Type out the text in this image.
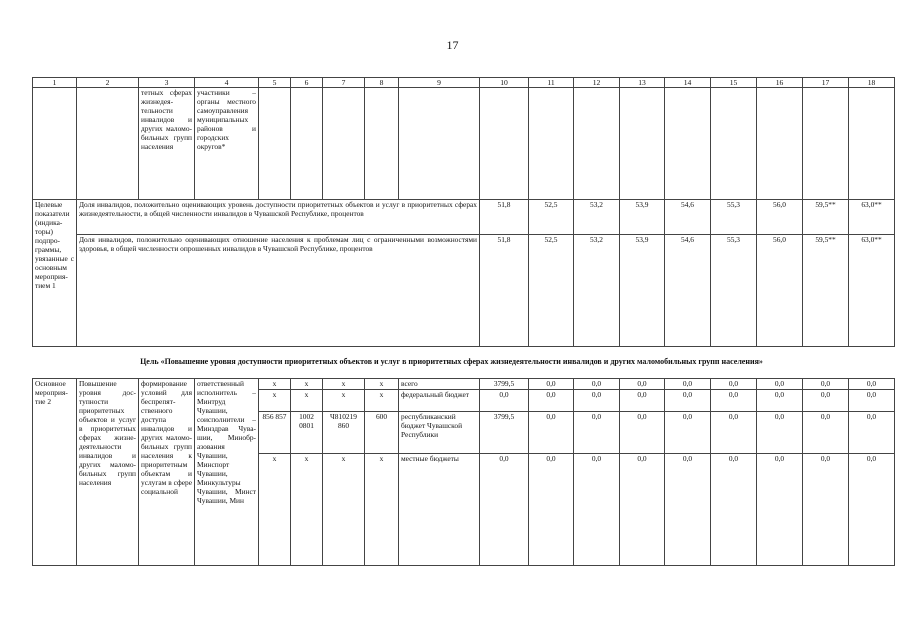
17
1	2	3	4	5	6	7	8	9	10	11	12	13	14	15	16	17	18
		тетных сферах жизнедеятельности инвалидов и других маломобильных групп населения	участники – органы местного самоуправления муниципальных районов и городских округов*														
Целевые показатели (индикаторы) подпрограммы, увязанные с основным мероприятием 1	Доля инвалидов, положительно оценивающих уровень доступности приоритетных объектов и услуг в приоритетных сферах жизнедеятельности, в общей численности инвалидов в Чувашской Республике, процентов								51,8	52,5	53,2	53,9	54,6	55,3	56,0	59,5**	63,0**
	Доля инвалидов, положительно оценивающих отношение населения к проблемам лиц с ограниченными возможностями здоровья, в общей численности опрошенных инвалидов в Чувашской Республике, процентов								51,8	52,5	53,2	53,9	54,6	55,3	56,0	59,5**	63,0**
Цель «Повышение уровня доступности приоритетных объектов и услуг в приоритетных сферах жизнедеятельности инвалидов и других маломобильных групп населения»
Основное мероприятие 2	Повышение уровня доступности приоритетных объектов и услуг в приоритетных сферах жизнедеятельности инвалидов и других маломобильных групп населения	формирование условий для беспрепятственного доступа инвалидов и других маломобильных групп населения к приоритетным объектам и услугам в сфере социальной	ответственный исполнитель – Минтруд Чувашии, соисполнители – Минздрав Чувашии, Минобразования Чувашии, Минспорт Чувашии, Минкультуры Чувашии, Минст Чувашии, Мин	x	x	x	x	всего	3799,5	0,0	0,0	0,0	0,0	0,0	0,0	0,0	0,0
				x	x	x	x	федеральный бюджет	0,0	0,0	0,0	0,0	0,0	0,0	0,0	0,0	0,0
				856 857	1002 0801	Ч810219 860	600	республиканский бюджет Чувашской Республики	3799,5	0,0	0,0	0,0	0,0	0,0	0,0	0,0	0,0
				x	x	x	x	местные бюджеты	0,0	0,0	0,0	0,0	0,0	0,0	0,0	0,0	0,0
